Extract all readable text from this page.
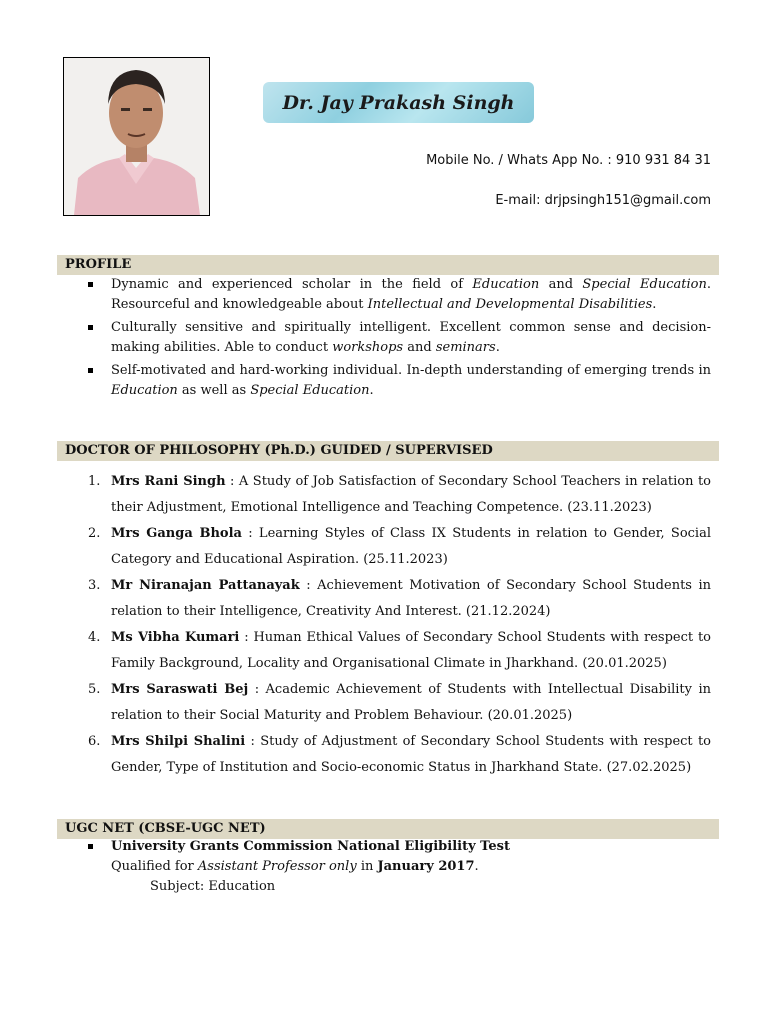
Dr. Jay Prakash Singh
Mobile No. / Whats App No. : 910 931 84 31
E-mail: drjpsingh151@gmail.com
PROFILE
Dynamic and experienced scholar in the field of Education and Special Education. Resourceful and knowledgeable about Intellectual and Developmental Disabilities.
Culturally sensitive and spiritually intelligent. Excellent common sense and decision-making abilities. Able to conduct workshops and seminars.
Self-motivated and hard-working individual. In-depth understanding of emerging trends in Education as well as Special Education.
DOCTOR OF PHILOSOPHY (Ph.D.) GUIDED / SUPERVISED
1. Mrs Rani Singh : A Study of Job Satisfaction of Secondary School Teachers in relation to their Adjustment, Emotional Intelligence and Teaching Competence. (23.11.2023)
2. Mrs Ganga Bhola : Learning Styles of Class IX Students in relation to Gender, Social Category and Educational Aspiration. (25.11.2023)
3. Mr Niranajan Pattanayak : Achievement Motivation of Secondary School Students in relation to their Intelligence, Creativity And Interest. (21.12.2024)
4. Ms Vibha Kumari : Human Ethical Values of Secondary School Students with respect to Family Background, Locality and Organisational Climate in Jharkhand. (20.01.2025)
5. Mrs Saraswati Bej : Academic Achievement of Students with Intellectual Disability in relation to their Social Maturity and Problem Behaviour. (20.01.2025)
6. Mrs Shilpi Shalini : Study of Adjustment of Secondary School Students with respect to Gender, Type of Institution and Socio-economic Status in Jharkhand State. (27.02.2025)
UGC NET (CBSE-UGC NET)
University Grants Commission National Eligibility Test
Qualified for Assistant Professor only in January 2017.
Subject: Education
